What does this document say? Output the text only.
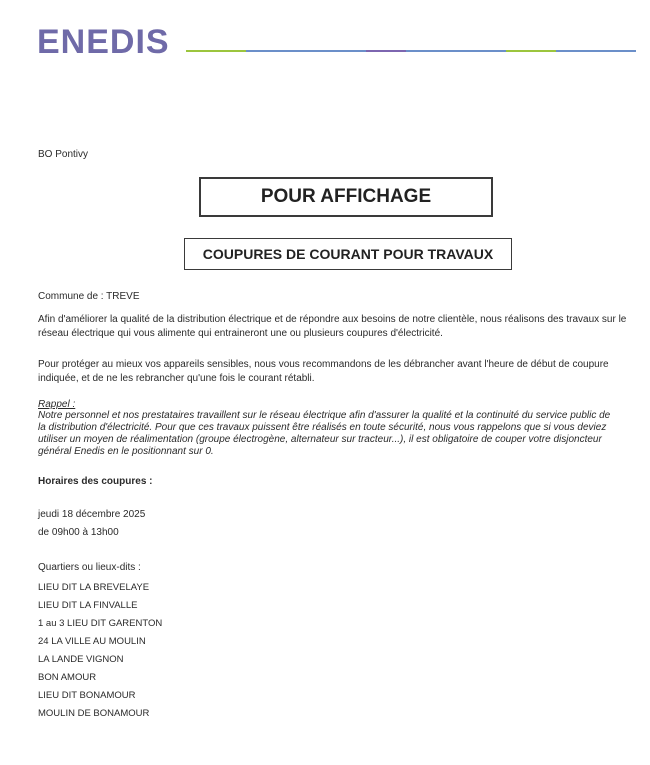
ENEDIS
BO Pontivy
POUR AFFICHAGE
COUPURES DE COURANT POUR TRAVAUX

Commune de : TREVE

Afin d'améliorer la qualité de la distribution électrique et de répondre aux besoins de notre clientèle, nous réalisons des travaux sur le réseau électrique qui vous alimente qui entraineront une ou plusieurs coupures d'électricité.

Pour protéger au mieux vos appareils sensibles, nous vous recommandons de les débrancher avant l'heure de début de coupure indiquée, et de ne les rebrancher qu'une fois le courant rétabli.

Rappel :

Notre personnel et nos prestataires travaillent sur le réseau électrique afin d'assurer la qualité et la continuité du service public de la distribution d'électricité. Pour que ces travaux puissent être réalisés en toute sécurité, nous vous rappelons que si vous deviez utiliser un moyen de réalimentation (groupe électrogène, alternateur sur tracteur...), il est obligatoire de couper votre disjoncteur général Enedis en le positionnant sur 0.

Horaires des coupures :

jeudi 18 décembre 2025

de 09h00 à 13h00

Quartiers ou lieux-dits :

LIEU DIT LA BREVELAYE
LIEU DIT LA FINVALLE
1 au 3 LIEU DIT GARENTON
24 LA VILLE AU MOULIN
LA LANDE VIGNON
BON AMOUR
LIEU DIT BONAMOUR
MOULIN DE BONAMOUR
